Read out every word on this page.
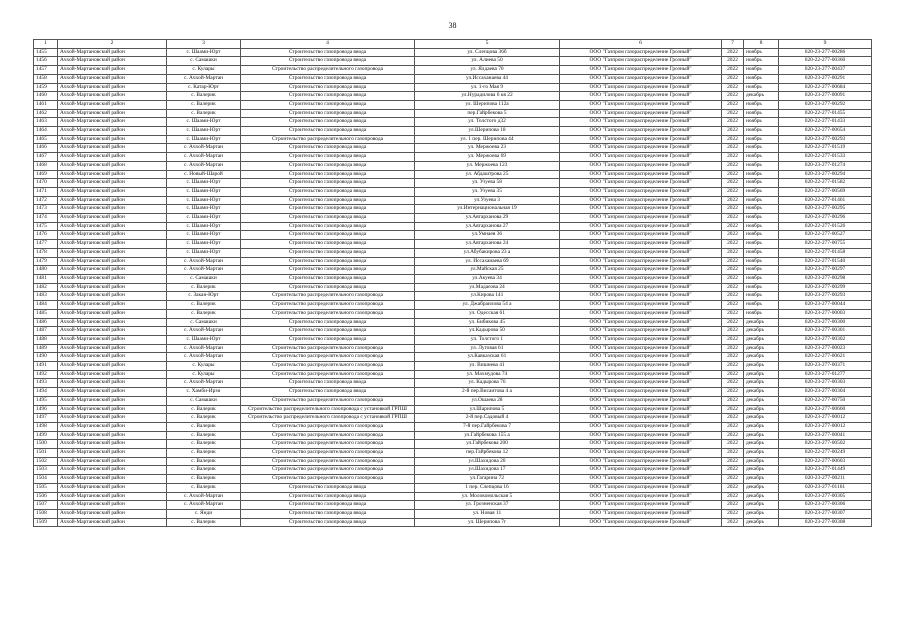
38
1	2	3	4	5	6	7	8	9
1455	Ачхой-Мартановский район	с. Шаами-Юрт	Строительство газопровода ввода	ул. Слепцова 36б	ООО "Газпром газораспределение Грозный"	2022	ноябрь	020-23-277-00286
1456	Ачхой-Мартановский район	с. Самашки	Строительство газопровода ввода	ул. Алиева 50	ООО "Газпром газораспределение Грозный"	2022	ноябрь	020-22-277-00360
1457	Ачхой-Мартановский район	с. Кулары	Строительство распределительного газопровода	ул. Ялдаева 70	ООО "Газпром газораспределение Грозный"	2022	ноябрь	020-23-277-00437
1458	Ачхой-Мартановский район	с. Ачхой-Мартан	Строительство газопровода ввода	ул.Иссаханаева 44	ООО "Газпром газораспределение Грозный"	2022	ноябрь	020-23-277-00291
1459	Ачхой-Мартановский район	с. Катар-Юрт	Строительство газопровода ввода	ул. 1-го Мая 9	ООО "Газпром газораспределение Грозный"	2022	ноябрь	020-22-277-00684
1460	Ачхой-Мартановский район	с. Валерик	Строительство газопровода ввода	ул.Нурадилова 6 кв 22	ООО "Газпром газораспределение Грозный"	2022	декабрь	020-23-277-00091
1461	Ачхой-Мартановский район	с. Валерик	Строительство газопровода ввода	ул. Шерипова 112а	ООО "Газпром газораспределение Грозный"	2022	ноябрь	020-23-277-00292
1462	Ачхой-Мартановский район	с. Валерик	Строительство газопровода ввода	пер.Гайрбекова 5	ООО "Газпром газораспределение Грозный"	2022	ноябрь	020-22-277-01455
1463	Ачхой-Мартановский район	с. Шаами-Юрт	Строительство газопровода ввода	ул. Толстого д32	ООО "Газпром газораспределение Грозный"	2022	ноябрь	020-22-277-01433
1464	Ачхой-Мартановский район	с. Шаами-Юрт	Строительство газопровода ввода	ул.Шерипова 18	ООО "Газпром газораспределение Грозный"	2022	ноябрь	020-22-277-00654
1465	Ачхой-Мартановский район	с. Шаами-Юрт	Строительство распределительного газопровода	ул. 1 пер. Шерипова 44	ООО "Газпром газораспределение Грозный"	2022	ноябрь	020-23-277-00293
1466	Ачхой-Мартановский район	с. Ачхой-Мартан	Строительство газопровода ввода	ул. Мержоева 23	ООО "Газпром газораспределение Грозный"	2022	ноябрь	020-22-277-01519
1467	Ачхой-Мартановский район	с. Ачхой-Мартан	Строительство газопровода ввода	ул. Мержоева 69	ООО "Газпром газораспределение Грозный"	2022	ноябрь	020-22-277-01533
1468	Ачхой-Мартановский район	с. Ачхой-Мартан	Строительство газопровода ввода	ул. Мержоева 123	ООО "Газпром газораспределение Грозный"	2022	ноябрь	020-23-277-01274
1469	Ачхой-Мартановский район	с. Новый-Шарой	Строительство газопровода ввода	ул. Абдаштрова 25	ООО "Газпром газораспределение Грозный"	2022	ноябрь	020-23-277-00294
1470	Ачхой-Мартановский район	с. Шаами-Юрт	Строительство газопровода ввода	ул. Узуева 58	ООО "Газпром газораспределение Грозный"	2022	ноябрь	020-22-277-01582
1471	Ачхой-Мартановский район	с. Шаами-Юрт	Строительство газопровода ввода	ул. Узуева 35	ООО "Газпром газораспределение Грозный"	2022	ноябрь	020-22-277-00569
1472	Ачхой-Мартановский район	с. Шаами-Юрт	Строительство газопровода ввода	ул.Узуева 3	ООО "Газпром газораспределение Грозный"	2022	ноябрь	020-22-277-01461
1473	Ачхой-Мартановский район	с. Шаами-Юрт	Строительство газопровода ввода	ул.Интернациональная 19	ООО "Газпром газораспределение Грозный"	2022	ноябрь	020-23-277-00295
1474	Ачхой-Мартановский район	с. Шаами-Юрт	Строительство газопровода ввода	ул.Автарханова 29	ООО "Газпром газораспределение Грозный"	2022	ноябрь	020-23-277-00296
1475	Ачхой-Мартановский район	с. Шаами-Юрт	Строительство газопровода ввода	ул.Автарханова 27	ООО "Газпром газораспределение Грозный"	2022	ноябрь	020-22-277-01526
1476	Ачхой-Мартановский район	с. Шаами-Юрт	Строительство газопровода ввода	ул.Умнаев 36	ООО "Газпром газораспределение Грозный"	2022	ноябрь	020-22-277-00527
1477	Ачхой-Мартановский район	с. Шаами-Юрт	Строительство газопровода ввода	ул.Автарханова 24	ООО "Газпром газораспределение Грозный"	2022	ноябрь	020-22-277-00755
1478	Ачхой-Мартановский район	с. Шаами-Юрт	Строительство газопровода ввода	ул.Абубакирова 23 а	ООО "Газпром газораспределение Грозный"	2022	ноябрь	020-22-277-01458
1479	Ачхой-Мартановский район	с. Ачхой-Мартан	Строительство газопровода ввода	ул. Иссаханаева 69	ООО "Газпром газораспределение Грозный"	2022	ноябрь	020-22-277-01540
1480	Ачхой-Мартановский район	с. Ачхой-Мартан	Строительство газопровода ввода	ул.Майская 25	ООО "Газпром газораспределение Грозный"	2022	ноябрь	020-23-277-00297
1481	Ачхой-Мартановский район	с. Самашки	Строительство газопровода ввода	ул.Акуева 34	ООО "Газпром газораспределение Грозный"	2022	ноябрь	020-23-277-00298
1482	Ачхой-Мартановский район	с. Валерик	Строительство газопровода ввода	ул.Мадаєова 24	ООО "Газпром газораспределение Грозный"	2022	ноябрь	020-23-277-00299
1483	Ачхой-Мартановский район	с. Закан-Юрт	Строительство распределительного газопровода	ул.Кирова 141	ООО "Газпром газораспределение Грозный"	2022	ноябрь	020-23-277-00293
1484	Ачхой-Мартановский район	с. Валерик	Строительство распределительного газопровода	ул. Джабраилова 54 а	ООО "Газпром газораспределение Грозный"	2022	ноябрь	020-23-277-00044
1485	Ачхой-Мартановский район	с. Валерик	Строительство распределительного газопровода	ул. Одесская 61	ООО "Газпром газораспределение Грозный"	2022	ноябрь	020-23-277-00003
1486	Ачхой-Мартановский район	с. Самашки	Строительство газопровода ввода	ул. Бибикова 45	ООО "Газпром газораспределение Грозный"	2022	декабрь	020-23-277-00300
1487	Ачхой-Мартановский район	с. Ачхой-Мартан	Строительство газопровода ввода	ул.Кадырова 50	ООО "Газпром газораспределение Грозный"	2022	декабрь	020-23-277-00301
1488	Ачхой-Мартановский район	с. Шаами-Юрт	Строительство газопровода ввода	ул. Толстого 1	ООО "Газпром газораспределение Грозный"	2022	декабрь	020-23-277-00302
1489	Ачхой-Мартановский район	с. Ачхой-Мартан	Строительство распределительного газопровода	ул. Луговая 61	ООО "Газпром газораспределение Грозный"	2022	декабрь	020-23-277-00023
1490	Ачхой-Мартановский район	с. Ачхой-Мартан	Строительство распределительного газопровода	ул.Кавказская 61	ООО "Газпром газораспределение Грозный"	2022	декабрь	020-22-277-00621
1491	Ачхой-Мартановский район	с. Кулары	Строительство распределительного газопровода	ул. Вишнева 41	ООО "Газпром газораспределение Грозный"	2022	декабрь	020-23-277-00371
1492	Ачхой-Мартановский район	с. Кулары	Строительство распределительного газопровода	ул. Махмудова 74	ООО "Газпром газораспределение Грозный"	2022	декабрь	020-23-277-01277
1493	Ачхой-Мартановский район	с. Ачхой-Мартан	Строительство газопровода ввода	ул. Кадырова 76	ООО "Газпром газораспределение Грозный"	2022	декабрь	020-23-277-00303
1494	Ачхой-Мартановский район	с. Хамби-Ирзи	Строительство газопровода ввода	2-й пер.Висаитова 4 а	ООО "Газпром газораспределение Грозный"	2022	декабрь	020-23-277-00304
1495	Ачхой-Мартановский район	с. Самашки	Строительство распределительного газопровода	ул.Ошаева 28	ООО "Газпром газораспределение Грозный"	2022	декабрь	020-22-277-00750
1496	Ачхой-Мартановский район	с. Валерик	Строительство распределительного газопровода с установкой ГРПШ	ул.Шарипова 5	ООО "Газпром газораспределение Грозный"	2022	декабрь	020-23-277-00660
1497	Ачхой-Мартановский район	с. Валерик	Строительство распределительного газопровода с установкой ГРПШ	2-й пер.Садовый 4	ООО "Газпром газораспределение Грозный"	2022	декабрь	020-23-277-00012
1498	Ачхой-Мартановский район	с. Валерик	Строительство распределительного газопровода	7-й пер.Гайрбекова 7	ООО "Газпром газораспределение Грозный"	2022	декабрь	020-23-277-00012
1499	Ачхой-Мартановский район	с. Валерик	Строительство распределительного газопровода	ул.Гайрбекова 155 а	ООО "Газпром газораспределение Грозный"	2022	декабрь	020-23-277-00041
1500	Ачхой-Мартановский район	с. Валерик	Строительство распределительного газопровода	ул.Гайрбекова 200	ООО "Газпром газораспределение Грозный"	2022	декабрь	020-23-277-00502
1501	Ачхой-Мартановский район	с. Валерик	Строительство распределительного газопровода	пер.Гайрбекова 12	ООО "Газпром газораспределение Грозный"	2022	декабрь	020-22-277-00249
1502	Ачхой-Мартановский район	с. Валерик	Строительство распределительного газопровода	ул.Шахидова 20	ООО "Газпром газораспределение Грозный"	2022	декабрь	020-22-277-00603
1503	Ачхой-Мартановский район	с. Валерик	Строительство распределительного газопровода	ул.Шахидова 17	ООО "Газпром газораспределение Грозный"	2022	декабрь	020-23-277-01449
1504	Ачхой-Мартановский район	с. Валерик	Строительство распределительного газопровода	ул.Гагарина 72	ООО "Газпром газораспределение Грозный"	2022	декабрь	020-23-277-00211
1505	Ачхой-Мартановский район	с. Валерик	Строительство газопровода ввода	1 пер. Слепцова 16	ООО "Газпром газораспределение Грозный"	2022	декабрь	020-23-277-01161
1506	Ачхой-Мартановский район	с. Ачхой-Мартан	Строительство газопровода ввода	ул. Молокомольская 5	ООО "Газпром газораспределение Грозный"	2022	декабрь	020-23-277-00305
1507	Ачхой-Мартановский район	с. Ачхой-Мартан	Строительство газопровода ввода	ул. Грозненская 37	ООО "Газпром газораспределение Грозный"	2022	декабрь	020-23-277-00306
1508	Ачхой-Мартановский район	с. Янди	Строительство газопровода ввода	ул. Новая 11	ООО "Газпром газораспределение Грозный"	2022	декабрь	020-23-277-00307
1509	Ачхой-Мартановский район	с. Валерик	Строительство газопровода ввода	ул. Шерипова 7г	ООО "Газпром газораспределение Грозный"	2022	декабрь	020-23-277-00308
